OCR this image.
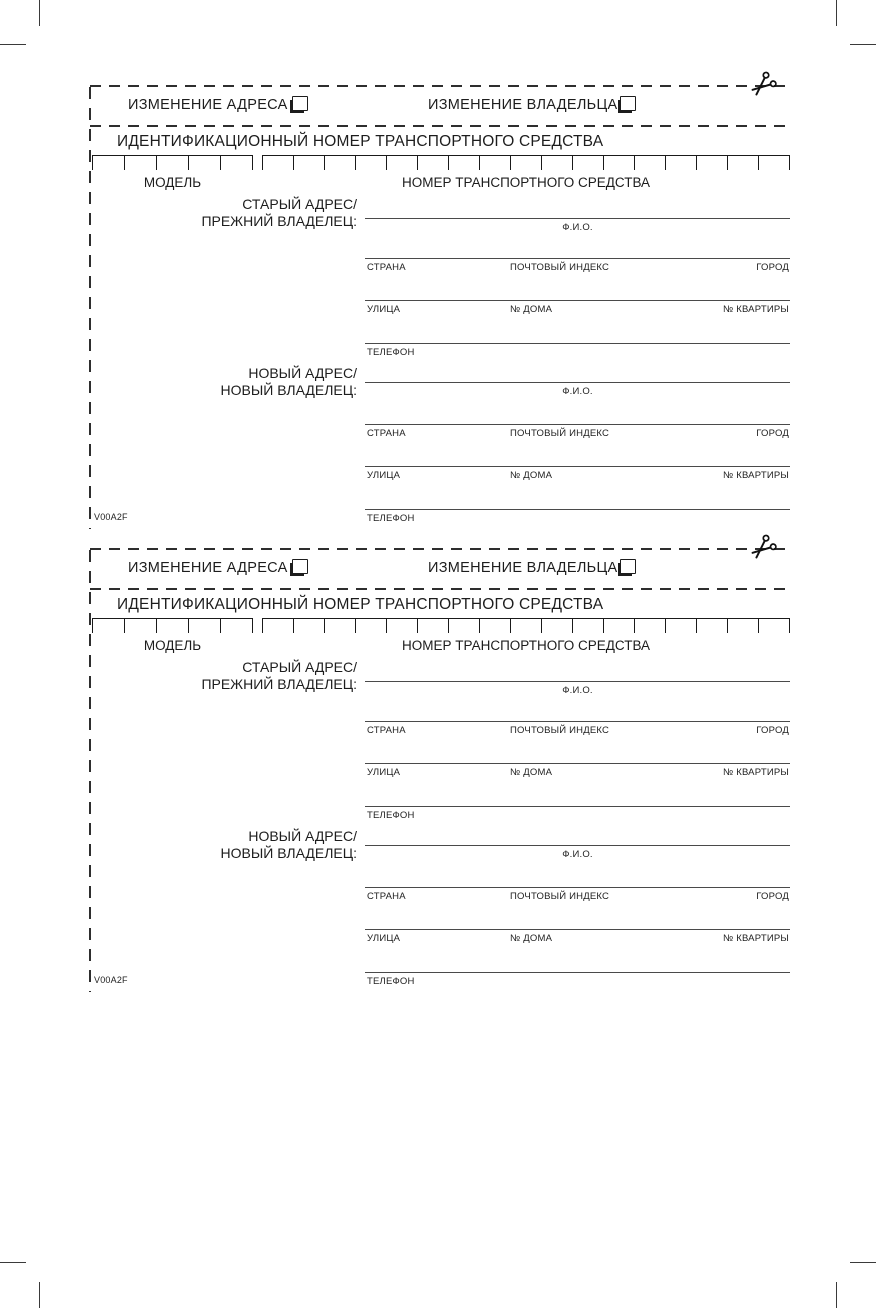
ИЗМЕНЕНИЕ АДРЕСА	ИЗМЕНЕНИЕ ВЛАДЕЛЬЦА
ИДЕНТИФИКАЦИОННЫЙ НОМЕР ТРАНСПОРТНОГО СРЕДСТВА
МОДЕЛЬ	НОМЕР ТРАНСПОРТНОГО СРЕДСТВА
СТАРЫЙ АДРЕС/
ПРЕЖНИЙ ВЛАДЕЛЕЦ:	Ф.И.О.
СТРАНА	ПОЧТОВЫЙ ИНДЕКС	ГОРОД
УЛИЦА	№ ДОМА	№ КВАРТИРЫ
ТЕЛЕФОН
НОВЫЙ АДРЕС/
НОВЫЙ ВЛАДЕЛЕЦ:	Ф.И.О.
СТРАНА	ПОЧТОВЫЙ ИНДЕКС	ГОРОД
УЛИЦА	№ ДОМА	№ КВАРТИРЫ
ТЕЛЕФОН
V00A2F
ИЗМЕНЕНИЕ АДРЕСА	ИЗМЕНЕНИЕ ВЛАДЕЛЬЦА
ИДЕНТИФИКАЦИОННЫЙ НОМЕР ТРАНСПОРТНОГО СРЕДСТВА
МОДЕЛЬ	НОМЕР ТРАНСПОРТНОГО СРЕДСТВА
СТАРЫЙ АДРЕС/
ПРЕЖНИЙ ВЛАДЕЛЕЦ:	Ф.И.О.
СТРАНА	ПОЧТОВЫЙ ИНДЕКС	ГОРОД
УЛИЦА	№ ДОМА	№ КВАРТИРЫ
ТЕЛЕФОН
НОВЫЙ АДРЕС/
НОВЫЙ ВЛАДЕЛЕЦ:	Ф.И.О.
СТРАНА	ПОЧТОВЫЙ ИНДЕКС	ГОРОД
УЛИЦА	№ ДОМА	№ КВАРТИРЫ
ТЕЛЕФОН
V00A2F
